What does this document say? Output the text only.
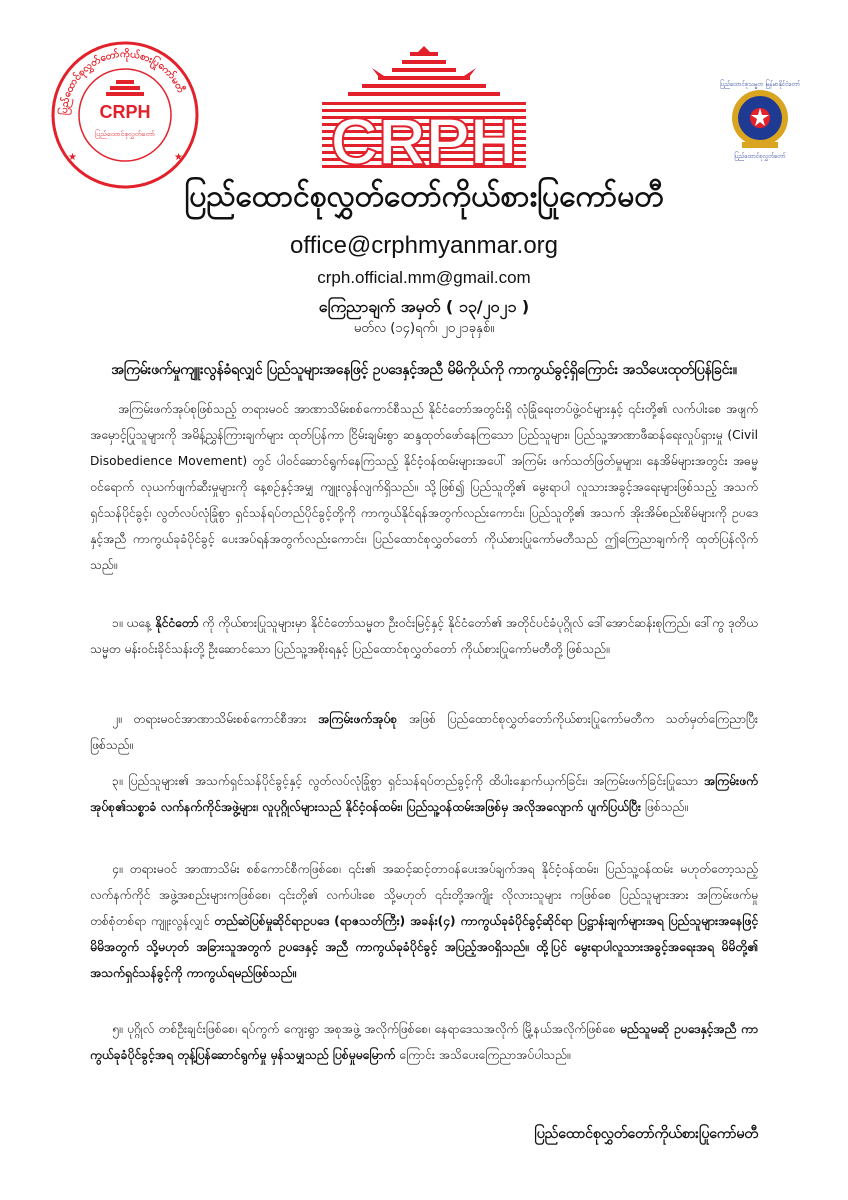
ပြည်ထောင်စုလွှတ်တော်ကိုယ်စားပြုကော်မတီ
CRPH
ပြည်ထောင်စုလွှတ်တော်
★	★ CRPH
ပြည်ထောင်စုသမ္မတ မြန်မာနိုင်ငံတော်
ပြည်ထောင်စုလွှတ်တော်
ပြည်ထောင်စုလွှတ်တော်ကိုယ်စားပြုကော်မတီ
office@crphmyanmar.org
crph.official.mm@gmail.com
ကြေညာချက် အမှတ် ( ၁၃/၂၀၂၁ )
မတ်လ (၁၄)ရက်၊ ၂၀၂၁ခုနှစ်။
အကြမ်းဖက်မှုကျူးလွန်ခံရလျှင် ပြည်သူများအနေဖြင့် ဥပဒေနှင့်အညီ မိမိကိုယ်ကို ကာကွယ်ခွင့်ရှိကြောင်း အသိပေးထုတ်ပြန်ခြင်း။
အကြမ်းဖက်အုပ်စုဖြစ်သည့် တရားမဝင် အာဏာသိမ်းစစ်ကောင်စီသည် နိုင်ငံတော်အတွင်းရှိ လုံခြုံရေးတပ်ဖွဲ့ဝင်များနှင့် ၎င်းတို့၏ လက်ပါးစေ အဖျက်အမှောင့်ပြုသူများကို အမိန့်ညွှန်ကြားချက်များ ထုတ်ပြန်ကာ ငြိမ်းချမ်းစွာ ဆန္ဒထုတ်ဖော်နေကြသော ပြည်သူများ၊ ပြည်သူ့အာဏာဖီဆန်ရေးလှုပ်ရှားမှု (Civil Disobedience Movement) တွင် ပါဝင်ဆောင်ရွက်နေကြသည့် နိုင်ငံ့ဝန်ထမ်းများအပေါ် အကြမ်း ဖက်သတ်ဖြတ်မှုများ၊ နေအိမ်များအတွင်း အဓမ္မဝင်ရောက် လုယက်ဖျက်ဆီးမှုများကို နေ့စဉ်နှင့်အမျှ ကျူးလွန်လျက်ရှိသည်။ သို့ဖြစ်၍ ပြည်သူတို့၏ မွေးရာပါ လူသားအခွင့်အရေးများဖြစ်သည့် အသက်ရှင်သန်ပိုင်ခွင့်၊ လွတ်လပ်လုံခြုံစွာ ရှင်သန်ရပ်တည်ပိုင်ခွင့်တို့ကို ကာကွယ်နိုင်ရန်အတွက်လည်းကောင်း၊ ပြည်သူတို့၏ အသက် အိုးအိမ်စည်းစိမ်များကို ဥပဒေနှင့်အညီ ကာကွယ်ခုခံပိုင်ခွင့် ပေးအပ်ရန်အတွက်လည်းကောင်း၊ ပြည်ထောင်စုလွှတ်တော် ကိုယ်စားပြုကော်မတီသည် ဤကြေညာချက်ကို ထုတ်ပြန်လိုက်သည်။
၁။ ယနေ့ နိုင်ငံတော် ကို ကိုယ်စားပြုသူများမှာ နိုင်ငံတော်သမ္မတ ဦးဝင်းမြင့်နှင့် နိုင်ငံတော်၏ အတိုင်ပင်ခံပုဂ္ဂိုလ် ဒေါ်အောင်ဆန်းစုကြည်၊ ဒေါ်ကွ ဒုတိယသမ္မတ မန်းဝင်းခိုင်သန်းတို့ ဦးဆောင်သော ပြည်သူ့အစိုးရနှင့် ပြည်ထောင်စုလွှတ်တော် ကိုယ်စားပြုကော်မတီတို့ ဖြစ်သည်။
၂။ တရားမဝင်အာဏာသိမ်းစစ်ကောင်စီအား အကြမ်းဖက်အုပ်စု အဖြစ် ပြည်ထောင်စုလွှတ်တော်ကိုယ်စားပြုကော်မတီက သတ်မှတ်ကြေညာပြီး ဖြစ်သည်။
၃။ ပြည်သူများ၏ အသက်ရှင်သန်ပိုင်ခွင့်နှင့် လွတ်လပ်လုံခြုံစွာ ရှင်သန်ရပ်တည်ခွင့်ကို ထိပါးနှောက်ယှက်ခြင်း၊ အကြမ်းဖက်ခြင်းပြုသော အကြမ်းဖက်အုပ်စု၏သစ္စာခံ လက်နက်ကိုင်အဖွဲ့များ၊ လူပုဂ္ဂိုလ်များသည် နိုင်ငံ့ဝန်ထမ်း၊ ပြည်သူ့ဝန်ထမ်းအဖြစ်မှ အလိုအလျောက် ပျက်ပြယ်ပြီး ဖြစ်သည်။
၄။ တရားမဝင် အာဏာသိမ်း စစ်ကောင်စီကဖြစ်စေ၊ ၎င်း၏ အဆင့်ဆင့်တာဝန်ပေးအပ်ချက်အရ နိုင်ငံ့ဝန်ထမ်း၊ ပြည်သူ့ဝန်ထမ်း မဟုတ်တော့သည့် လက်နက်ကိုင် အဖွဲ့အစည်းများကဖြစ်စေ၊ ၎င်းတို့၏ လက်ပါးစေ သို့မဟုတ် ၎င်းတို့အကျိုး လိုလားသူများ ကဖြစ်စေ ပြည်သူများအား အကြမ်းဖက်မှု တစ်စုံတစ်ရာ ကျူးလွန်လျှင် တည်ဆဲပြစ်မှုဆိုင်ရာဥပဒေ (ရာဇသတ်ကြီး) အခန်း(၄) ကာကွယ်ခုခံပိုင်ခွင့်ဆိုင်ရာ ပြဋ္ဌာန်းချက်များအရ ပြည်သူများအနေဖြင့် မိမိအတွက် သို့မဟုတ် အခြားသူအတွက် ဥပဒေနှင့် အညီ ကာကွယ်ခုခံပိုင်ခွင့် အပြည့်အဝရှိသည်။ ထို့ပြင် မွေးရာပါလူသားအခွင့်အရေးအရ မိမိတို့၏ အသက်ရှင်သန်ခွင့်ကို ကာကွယ်ရမည်ဖြစ်သည်။
၅။ ပုဂ္ဂိုလ် တစ်ဦးချင်းဖြစ်စေ၊ ရပ်ကွက် ကျေးရွာ အစုအဖွဲ့ အလိုက်ဖြစ်စေ၊ နေရာဒေသအလိုက် မြို့နယ်အလိုက်ဖြစ်စေ မည်သူမဆို ဥပဒေနှင့်အညီ ကာကွယ်ခုခံပိုင်ခွင့်အရ တုန့်ပြန်ဆောင်ရွက်မှု မှန်သမျှသည် ပြစ်မှုမမြောက် ကြောင်း အသိပေးကြေညာအပ်ပါသည်။
ပြည်ထောင်စုလွှတ်တော်ကိုယ်စားပြုကော်မတီ
